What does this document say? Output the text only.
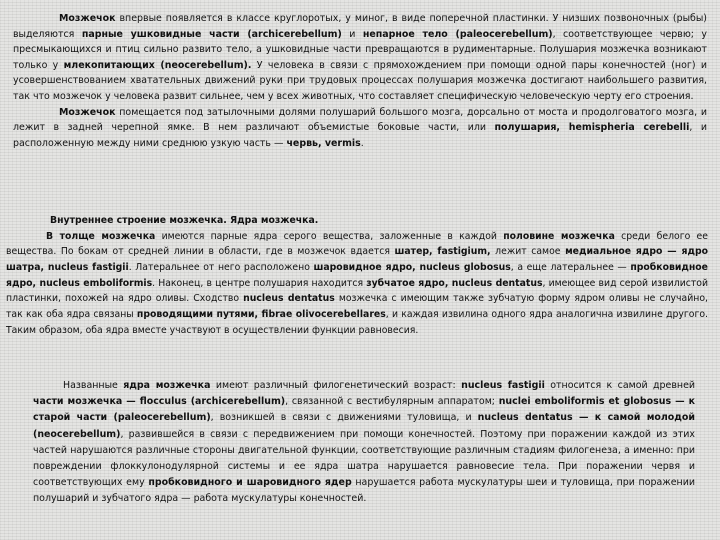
Мозжечок впервые появляется в классе круглоротых, у миног, в виде поперечной пластинки. У низших позвоночных (рыбы) выделяются парные ушковидные части (archicerebellum) и непарное тело (paleocerebellum), соответствующее червю; у пресмыкающихся и птиц сильно развито тело, а ушковидные части превращаются в рудиментарные. Полушария мозжечка возникают только у млекопитающих (neocerebellum). У человека в связи с прямохождением при помощи одной пары конечностей (ног) и усовершенствованием хватательных движений руки при трудовых процессах полушария мозжечка достигают наибольшего развития, так что мозжечок у человека развит сильнее, чем у всех животных, что составляет специфическую человеческую черту его строения.

Мозжечок помещается под затылочными долями полушарий большого мозга, дорсально от моста и продолговатого мозга, и лежит в задней черепной ямке. В нем различают объемистые боковые части, или полушария, hemispheria cerebelli, и расположенную между ними среднюю узкую часть — червь, vermis.

Внутреннее строение мозжечка. Ядра мозжечка.

В толще мозжечка имеются парные ядра серого вещества, заложенные в каждой половине мозжечка среди белого ее вещества. По бокам от средней линии в области, где в мозжечок вдается шатер, fastigium, лежит самое медиальное ядро — ядро шатра, nucleus fastigii. Латеральнее от него расположено шаровидное ядро, nucleus globosus, а еще латеральнее — пробковидное ядро, nucleus emboliformis. Наконец, в центре полушария находится зубчатое ядро, nucleus dentatus, имеющее вид серой извилистой пластинки, похожей на ядро оливы. Сходство nucleus dentatus мозжечка с имеющим также зубчатую форму ядром оливы не случайно, так как оба ядра связаны проводящими путями, fibrae olivocerebellares, и каждая извилина одного ядра аналогична извилине другого. Таким образом, оба ядра вместе участвуют в осуществлении функции равновесия.

Названные ядра мозжечка имеют различный филогенетический возраст: nucleus fastigii относится к самой древней части мозжечка — flocculus (archicerebellum), связанной с вестибулярным аппаратом; nuclei emboliformis et globosus — к старой части (paleocerebellum), возникшей в связи с движениями туловища, и nucleus dentatus — к самой молодой (neocerebellum), развившейся в связи с передвижением при помощи конечностей. Поэтому при поражении каждой из этих частей нарушаются различные стороны двигательной функции, соответствующие различным стадиям филогенеза, а именно: при повреждении флоккулонодулярной системы и ее ядра шатра нарушается равновесие тела. При поражении червя и соответствующих ему пробковидного и шаровидного ядер нарушается работа мускулатуры шеи и туловища, при поражении полушарий и зубчатого ядра — работа мускулатуры конечностей.
